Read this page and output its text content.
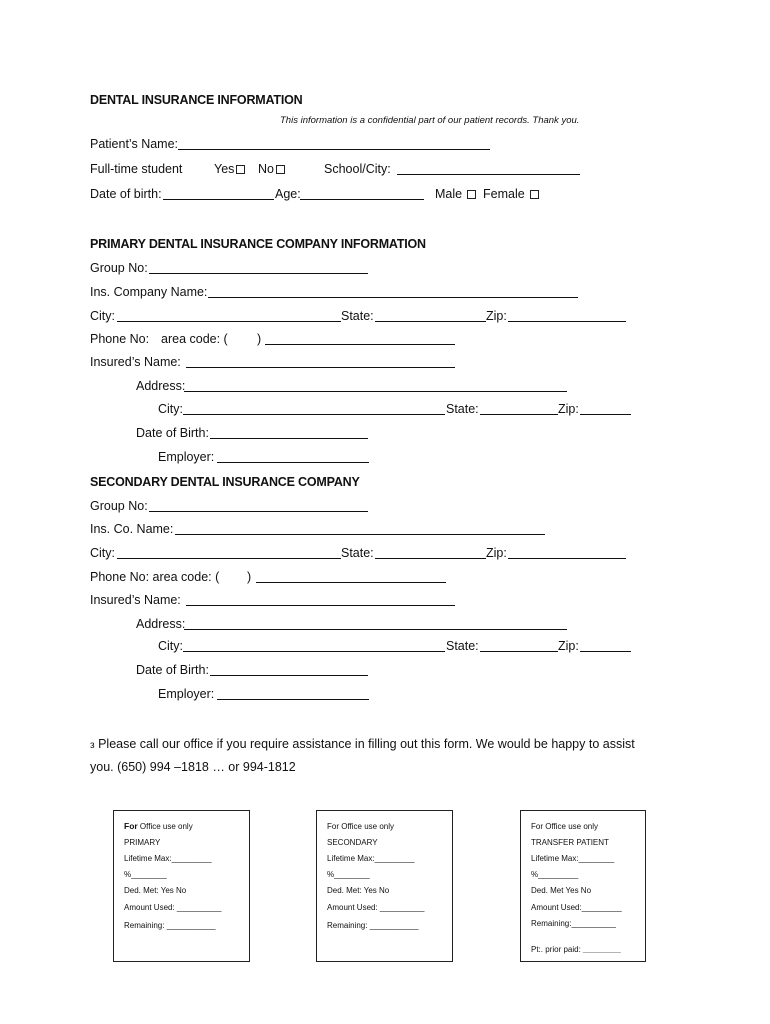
DENTAL INSURANCE INFORMATION
This information is a confidential part of our patient records. Thank you.
Patient’s Name:
Full-time student	Yes	No	School/City:
Date of birth:	Age:	Male	Female
PRIMARY DENTAL INSURANCE COMPANY INFORMATION
Group No:
Ins. Company Name:
City:	State:	Zip:
Phone No: area code: ( )
Insured’s Name:
Address:
City:	State:	Zip:
Date of Birth:
Employer:
SECONDARY DENTAL INSURANCE COMPANY
Group No:
Ins. Co. Name:
City:	State:	Zip:
Phone No: area code: ( )
Insured’s Name:
Address:
City:	State:	Zip:
Date of Birth:
Employer:
з Please call our office if you require assistance in filling out this form. We would be happy to assist
you. (650) 994 –1818 … or 994-1812
For Office use only
PRIMARY
Lifetime Max:_________
%________
Ded. Met: Yes No
Amount Used: __________
Remaining: ___________
For Office use only
SECONDARY
Lifetime Max:_________
%________
Ded. Met: Yes No
Amount Used: __________
Remaining: ___________
For Office use only
TRANSFER PATIENT
Lifetime Max:________
%_________
Ded. Met Yes No
Amount Used:_________
Remaining:__________
Pt:. prior paid: ________
